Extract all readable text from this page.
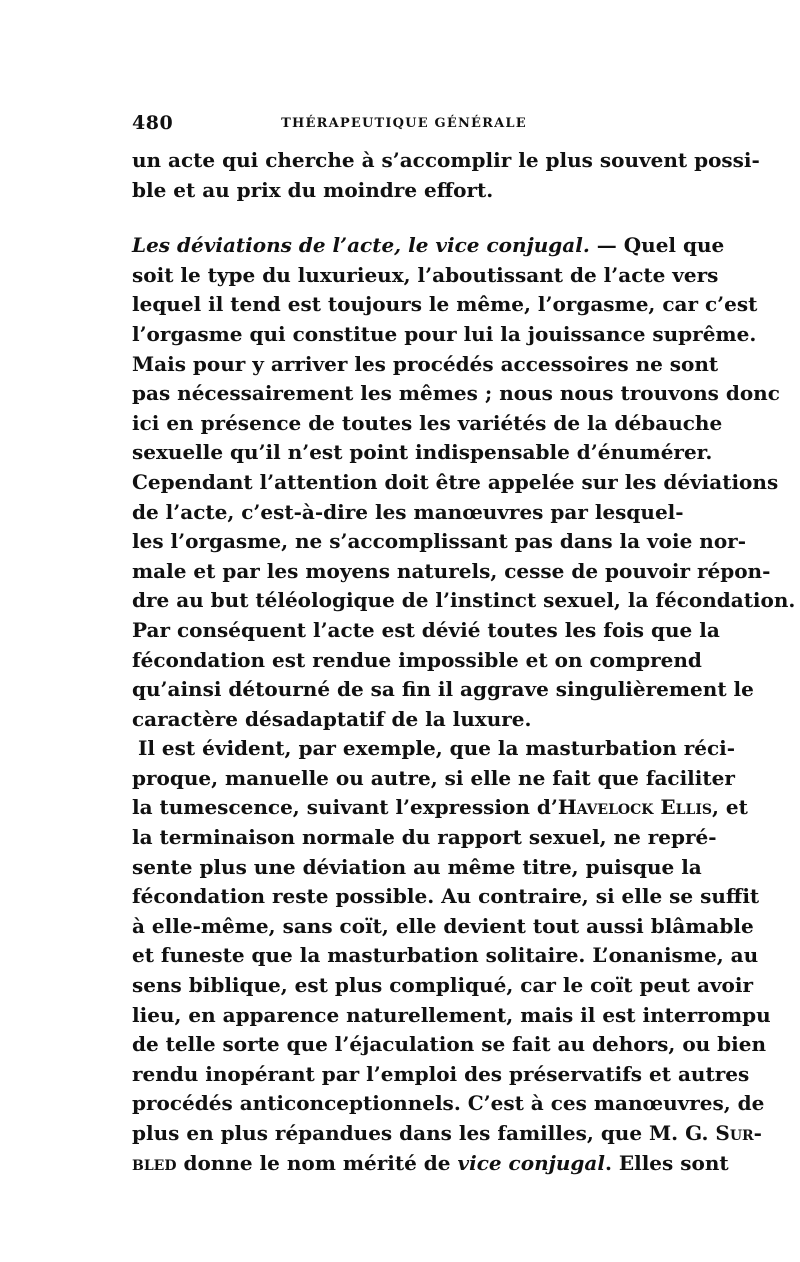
480	THÉRAPEUTIQUE GÉNÉRALE
un acte qui cherche à s’accomplir le plus souvent possi-
ble et au prix du moindre effort.
Les déviations de l’acte, le vice conjugal. — Quel que
soit le type du luxurieux, l’aboutissant de l’acte vers
lequel il tend est toujours le même, l’orgasme, car c’est
l’orgasme qui constitue pour lui la jouissance suprême.
Mais pour y arriver les procédés accessoires ne sont
pas nécessairement les mêmes ; nous nous trouvons donc
ici en présence de toutes les variétés de la débauche
sexuelle qu’il n’est point indispensable d’énumérer.
Cependant l’attention doit être appelée sur les déviations
de l’acte, c’est-à-dire les manœuvres par lesquel-
les l’orgasme, ne s’accomplissant pas dans la voie nor-
male et par les moyens naturels, cesse de pouvoir répon-
dre au but téléologique de l’instinct sexuel, la fécondation.
Par conséquent l’acte est dévié toutes les fois que la
fécondation est rendue impossible et on comprend
qu’ainsi détourné de sa fin il aggrave singulièrement le
caractère désadaptatif de la luxure.
Il est évident, par exemple, que la masturbation réci-
proque, manuelle ou autre, si elle ne fait que faciliter
la tumescence, suivant l’expression d’Havelock Ellis, et
la terminaison normale du rapport sexuel, ne repré-
sente plus une déviation au même titre, puisque la
fécondation reste possible. Au contraire, si elle se suffit
à elle-même, sans coït, elle devient tout aussi blâmable
et funeste que la masturbation solitaire. L’onanisme, au
sens biblique, est plus compliqué, car le coït peut avoir
lieu, en apparence naturellement, mais il est interrompu
de telle sorte que l’éjaculation se fait au dehors, ou bien
rendu inopérant par l’emploi des préservatifs et autres
procédés anticonceptionnels. C’est à ces manœuvres, de
plus en plus répandues dans les familles, que M. G. Sur-
bled donne le nom mérité de vice conjugal. Elles sont
